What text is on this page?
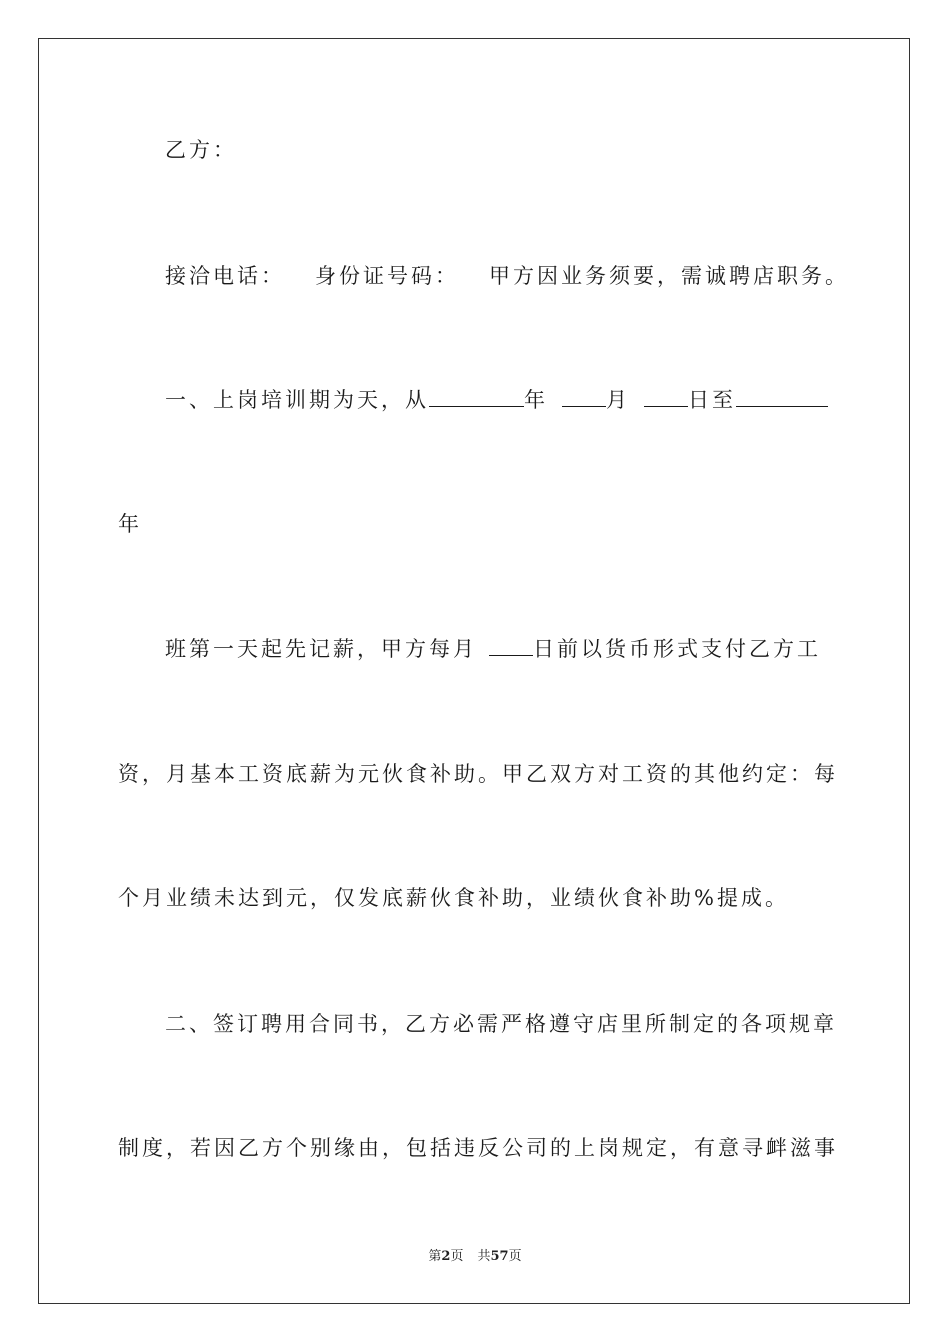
乙方：
接洽电话： 身份证号码： 甲方因业务须要，需诚聘店职务。
一、上岗培训期为天，从	年	月	日至
年
班第一天起先记薪，甲方每月	日前以货币形式支付乙方工
资，月基本工资底薪为元伙食补助。甲乙双方对工资的其他约定：每
个月业绩未达到元，仅发底薪伙食补助，业绩伙食补助%提成。
二、签订聘用合同书，乙方必需严格遵守店里所制定的各项规章
制度，若因乙方个别缘由，包括违反公司的上岗规定，有意寻衅滋事
第2页 共57页
